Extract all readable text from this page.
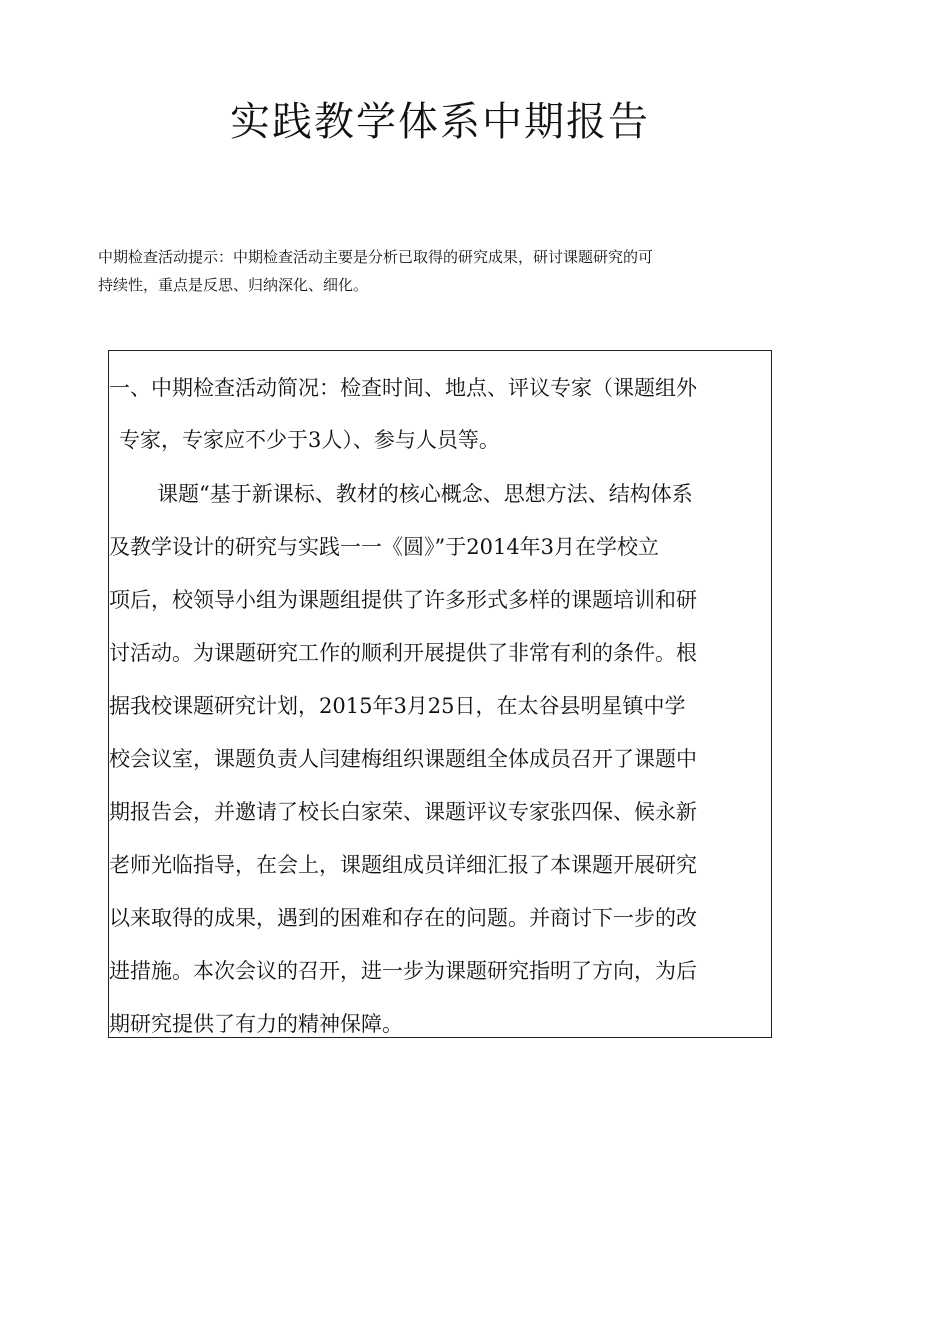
实践教学体系中期报告
中期检查活动提示：中期检查活动主要是分析已取得的研究成果，研讨课题研究的可
持续性，重点是反思、归纳深化、细化。
一、中期检查活动简况：检查时间、地点、评议专家（课题组外
专家，专家应不少于3人）、参与人员等。
课题“基于新课标、教材的核心概念、思想方法、结构体系
及教学设计的研究与实践一一《圆》”于2014年3月在学校立
项后，校领导小组为课题组提供了许多形式多样的课题培训和研
讨活动。为课题研究工作的顺利开展提供了非常有利的条件。根
据我校课题研究计划，2015年3月25日，在太谷县明星镇中学
校会议室，课题负责人闫建梅组织课题组全体成员召开了课题中
期报告会，并邀请了校长白家荣、课题评议专家张四保、候永新
老师光临指导，在会上，课题组成员详细汇报了本课题开展研究
以来取得的成果，遇到的困难和存在的问题。并商讨下一步的改
进措施。本次会议的召开，进一步为课题研究指明了方向，为后
期研究提供了有力的精神保障。
